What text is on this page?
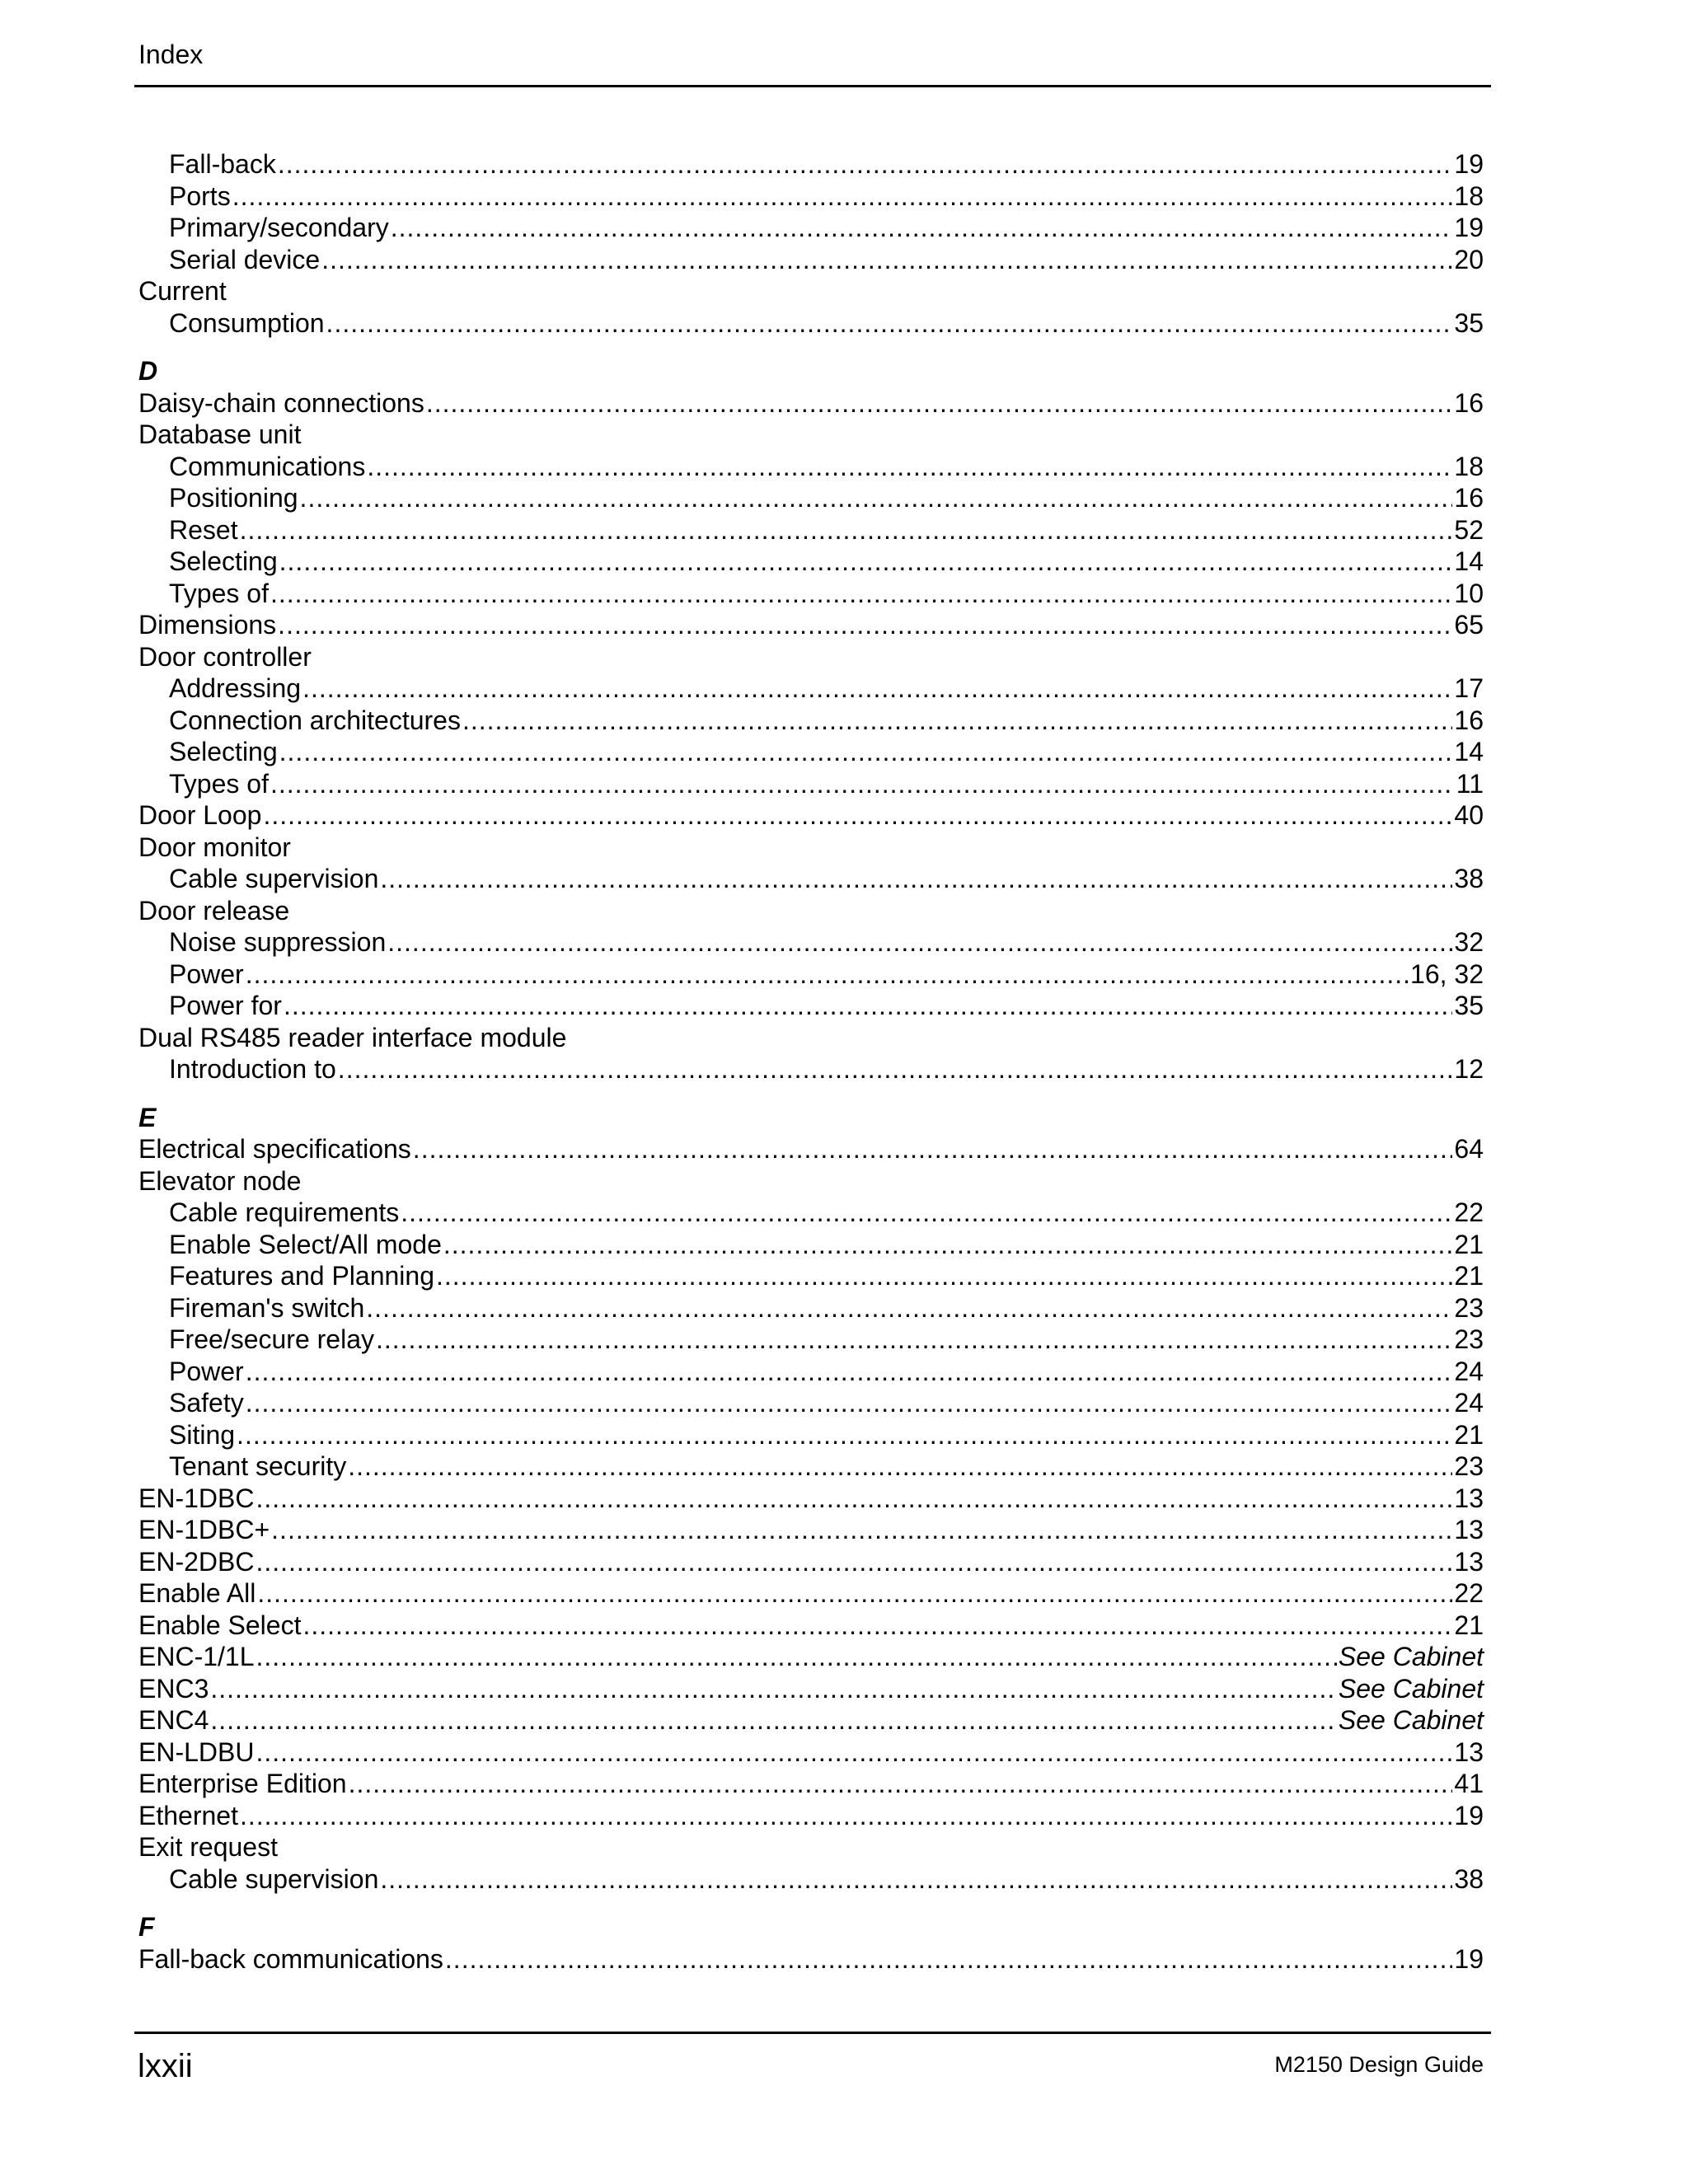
Index
Fall-back .....	19
Ports .....	18
Primary/secondary .....	19
Serial device .....	20
Current
Consumption .....	35
D
Daisy-chain connections .....	16
Database unit
Communications .....	18
Positioning .....	16
Reset .....	52
Selecting .....	14
Types of .....	10
Dimensions .....	65
Door controller
Addressing .....	17
Connection architectures .....	16
Selecting .....	14
Types of .....	11
Door Loop .....	40
Door monitor
Cable supervision .....	38
Door release
Noise suppression .....	32
Power .....	16, 32
Power for .....	35
Dual RS485 reader interface module
Introduction to .....	12
E
Electrical specifications .....	64
Elevator node
Cable requirements .....	22
Enable Select/All mode .....	21
Features and Planning .....	21
Fireman's switch .....	23
Free/secure relay .....	23
Power .....	24
Safety .....	24
Siting .....	21
Tenant security .....	23
EN-1DBC .....	13
EN-1DBC+ .....	13
EN-2DBC .....	13
Enable All .....	22
Enable Select .....	21
ENC-1/1L .....	See Cabinet
ENC3 .....	See Cabinet
ENC4 .....	See Cabinet
EN-LDBU .....	13
Enterprise Edition .....	41
Ethernet .....	19
Exit request
Cable supervision .....	38
F
Fall-back communications .....	19
lxxii	M2150 Design Guide
